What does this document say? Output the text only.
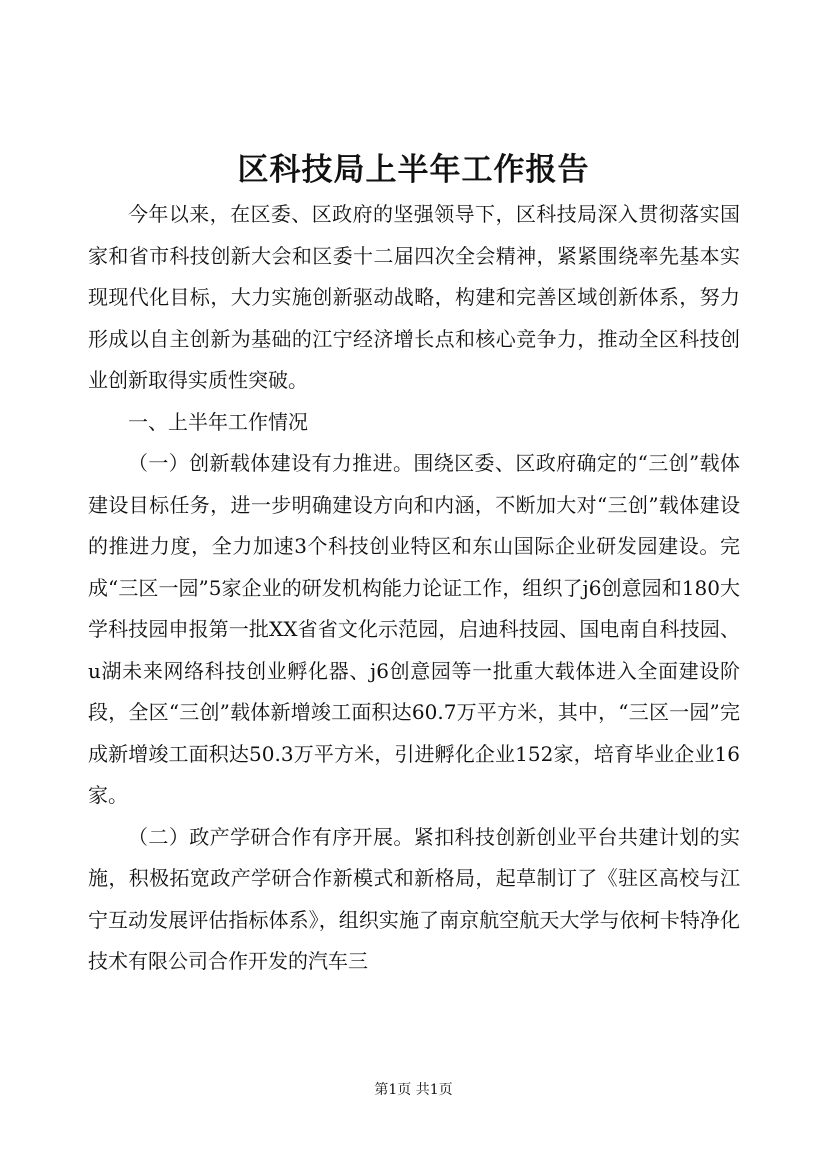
区科技局上半年工作报告

今年以来，在区委、区政府的坚强领导下，区科技局深入贯彻落实国家和省市科技创新大会和区委十二届四次全会精神，紧紧围绕率先基本实现现代化目标，大力实施创新驱动战略，构建和完善区域创新体系，努力形成以自主创新为基础的江宁经济增长点和核心竞争力，推动全区科技创业创新取得实质性突破。

一、上半年工作情况

（一）创新载体建设有力推进。围绕区委、区政府确定的“三创”载体建设目标任务，进一步明确建设方向和内涵，不断加大对“三创”载体建设的推进力度，全力加速3个科技创业特区和东山国际企业研发园建设。完成“三区一园”5家企业的研发机构能力论证工作，组织了j6创意园和180大学科技园申报第一批XX省省文化示范园，启迪科技园、国电南自科技园、u湖未来网络科技创业孵化器、j6创意园等一批重大载体进入全面建设阶段，全区“三创”载体新增竣工面积达60.7万平方米，其中，“三区一园”完成新增竣工面积达50.3万平方米，引进孵化企业152家，培育毕业企业16家。

（二）政产学研合作有序开展。紧扣科技创新创业平台共建计划的实施，积极拓宽政产学研合作新模式和新格局，起草制订了《驻区高校与江宁互动发展评估指标体系》，组织实施了南京航空航天大学与依柯卡特净化技术有限公司合作开发的汽车三

第1页 共1页
